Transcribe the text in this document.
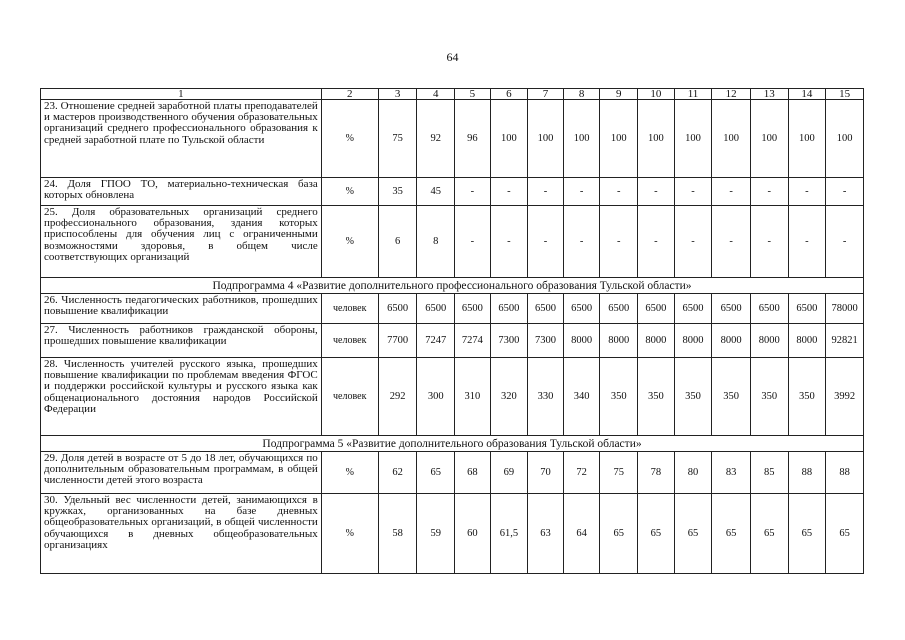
64
1	2	3	4	5	6	7	8	9	10	11	12	13	14	15
23. Отношение средней заработной платы преподавателей и мастеров производственного обучения образовательных организаций среднего профессионального образования к средней заработной плате по Тульской области	%	75	92	96	100	100	100	100	100	100	100	100	100	100
24. Доля ГПОО ТО, материально-техническая база которых обновлена	%	35	45	-	-	-	-	-	-	-	-	-	-	-
25. Доля образовательных организаций среднего профессионального образования, здания которых приспособлены для обучения лиц с ограниченными возможностями здоровья, в общем числе соответствующих организаций	%	6	8	-	-	-	-	-	-	-	-	-	-	-
Подпрограмма 4 «Развитие дополнительного профессионального образования Тульской области»														
26. Численность педагогических работников, прошедших повышение квалификации	человек	6500	6500	6500	6500	6500	6500	6500	6500	6500	6500	6500	6500	78000
27. Численность работников гражданской обороны, прошедших повышение квалификации	человек	7700	7247	7274	7300	7300	8000	8000	8000	8000	8000	8000	8000	92821
28. Численность учителей русского языка, прошедших повышение квалификации по проблемам введения ФГОС и поддержки российской культуры и русского языка как общенационального достояния народов Российской Федерации	человек	292	300	310	320	330	340	350	350	350	350	350	350	3992
Подпрограмма 5 «Развитие дополнительного образования Тульской области»														
29. Доля детей в возрасте от 5 до 18 лет, обучающихся по дополнительным образовательным программам, в общей численности детей этого возраста	%	62	65	68	69	70	72	75	78	80	83	85	88	88
30. Удельный вес численности детей, занимающихся в кружках, организованных на базе дневных общеобразовательных организаций, в общей численности обучающихся в дневных общеобразовательных организациях	%	58	59	60	61,5	63	64	65	65	65	65	65	65	65
